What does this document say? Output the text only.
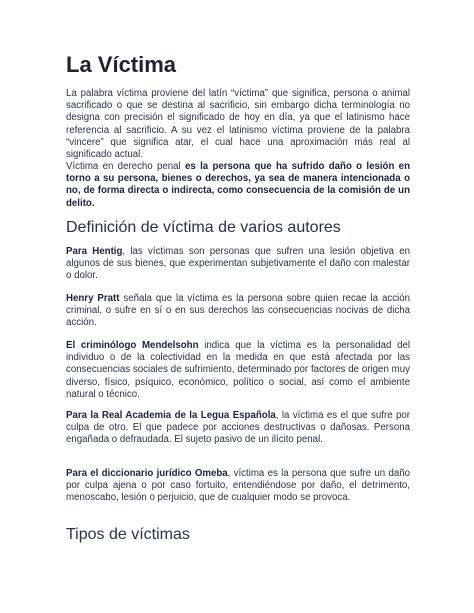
La Víctima

La palabra víctima proviene del latín “víctima” que significa, persona o animal sacrificado o que se destina al sacrificio, sin embargo dicha terminología no designa con precisión el significado de hoy en día, ya que el latinismo hace referencia al sacrificio. A su vez el latinismo víctima proviene de la palabra “vincere” que significa atar, el cual hace una aproximación más real al significado actual.

Víctima en derecho penal es la persona que ha sufrido daño o lesión en torno a su persona, bienes o derechos, ya sea de manera intencionada o no, de forma directa o indirecta, como consecuencia de la comisión de un delito.

Definición de víctima de varios autores

Para Hentig, las víctimas son personas que sufren una lesión objetiva en algunos de sus bienes, que experimentan subjetivamente el daño con malestar o dolor.

Henry Pratt señala que la víctima es la persona sobre quien recae la acción criminal, o sufre en sí o en sus derechos las consecuencias nocivas de dicha acción.

El criminólogo Mendelsohn indica que la víctima es la personalidad del individuo o de la colectividad en la medida en que está afectada por las consecuencias sociales de sufrimiento, determinado por factores de origen muy diverso, físico, psíquico, económico, político o social, así como el ambiente natural o técnico.

Para la Real Academia de la Legua Española, la víctima es el que sufre por culpa de otro. El que padece por acciones destructivas o dañosas. Persona engañada o defraudada. El sujeto pasivo de un ilícito penal.

Para el diccionario jurídico Omeba, víctima es la persona que sufre un daño por culpa ajena o por caso fortuito, entendiéndose por daño, el detrimento, menoscabo, lesión o perjuicio, que de cualquier modo se provoca.

Tipos de víctimas
